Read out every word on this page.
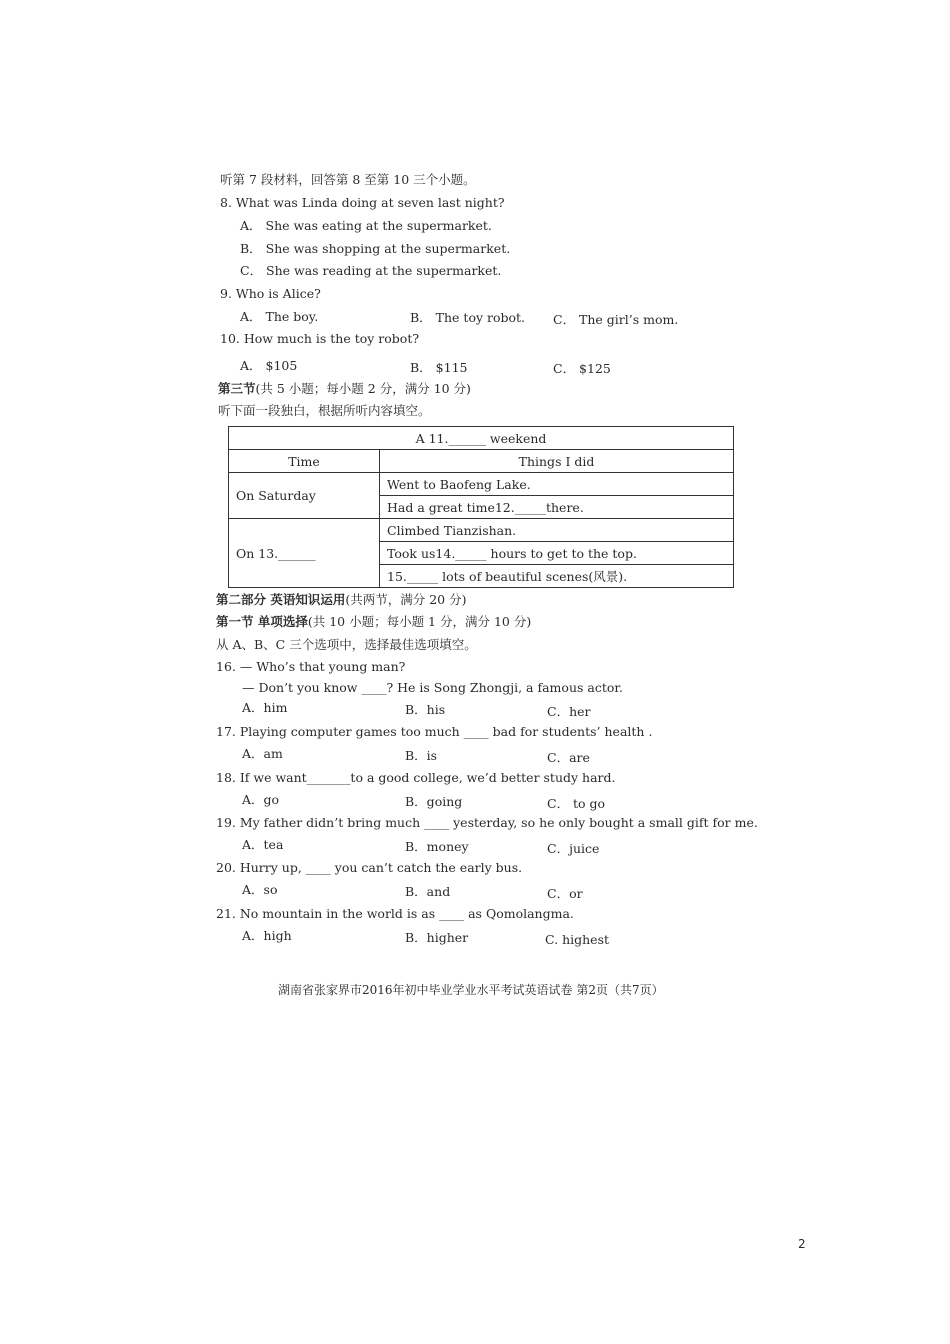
听第 7 段材料，回答第 8 至第 10 三个小题。
8. What was Linda doing at seven last night?
A． She was eating at the supermarket.
B． She was shopping at the supermarket.
C． She was reading at the supermarket.
9. Who is Alice?
A． The boy.	B． The toy robot. C． The girl’s mom.
10. How much is the toy robot?
A． $105	B． $115	C． $125
第三节(共 5 小题；每小题 2 分，满分 10 分)
听下面一段独白，根据所听内容填空。
A 11.______ weekend	
Time	Things I did
On Saturday	Went to Baofeng Lake.
	Had a great time12._____there.
On 13.______	Climbed Tianzishan.
	Took us14._____ hours to get to the top.
	15._____ lots of beautiful scenes(风景).
第二部分 英语知识运用(共两节，满分 20 分)
第一节 单项选择(共 10 小题；每小题 1 分，满分 10 分)
从 A、B、C 三个选项中，选择最佳选项填空。
16. — Who’s that young man?
— Don’t you know ____? He is Song Zhongji, a famous actor.
A．him	B．his	C．her
17. Playing computer games too much ____ bad for students’ health .
A．am	B．is	C．are
18. If we want_______to a good college, we’d better study hard.
A．go	B．going	C． to go
19. My father didn’t bring much ____ yesterday, so he only bought a small gift for me.
A．tea	B．money	C．juice
20. Hurry up, ____ you can’t catch the early bus.
A．so	B．and	C．or
21. No mountain in the world is as ____ as Qomolangma.
A．high	B．higher	C. highest
湖南省张家界市2016年初中毕业学业水平考试英语试卷 第2页（共7页）
2
